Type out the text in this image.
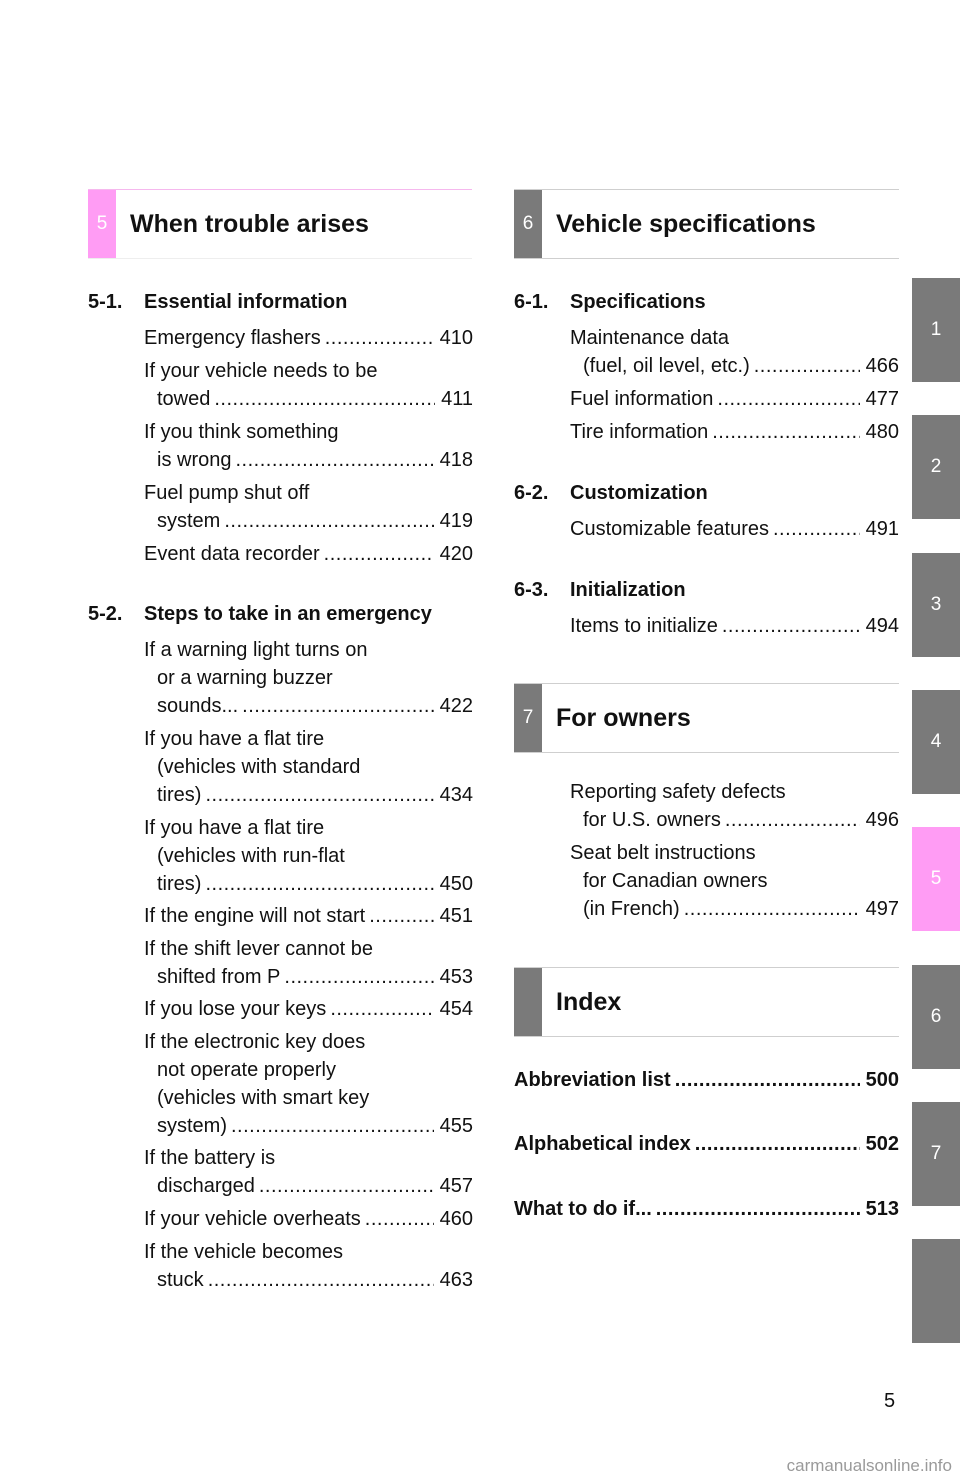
5 When trouble arises	6 Vehicle specifications
7 For owners
Index
5-1. Essential information
Emergency flashers .....	410
If your vehicle needs to be
towed .....	411
If you think something
is wrong .....	418
Fuel pump shut off
system .....	419
Event data recorder .....	420
5-2. Steps to take in an emergency
If a warning light turns on
or a warning buzzer
sounds... .....	422
If you have a flat tire
(vehicles with standard
tires) .....	434
If you have a flat tire
(vehicles with run-flat
tires) .....	450
If the engine will not start .....	451
If the shift lever cannot be
shifted from P .....	453
If you lose your keys .....	454
If the electronic key does
not operate properly
(vehicles with smart key
system) .....	455
If the battery is
discharged .....	457
If your vehicle overheats .....	460
If the vehicle becomes
stuck .....	463
6-1. Specifications
Maintenance data
(fuel, oil level, etc.) .....	466
Fuel information .....	477
Tire information .....	480
6-2. Customization
Customizable features .....	491
6-3. Initialization
Items to initialize .....	494
Reporting safety defects
for U.S. owners .....	496
Seat belt instructions
for Canadian owners
(in French) .....	497
Abbreviation list .....	500
Alphabetical index .....	502
What to do if... .....	513
1
2
3
4
5
6
7
5
carmanualsonline.info
